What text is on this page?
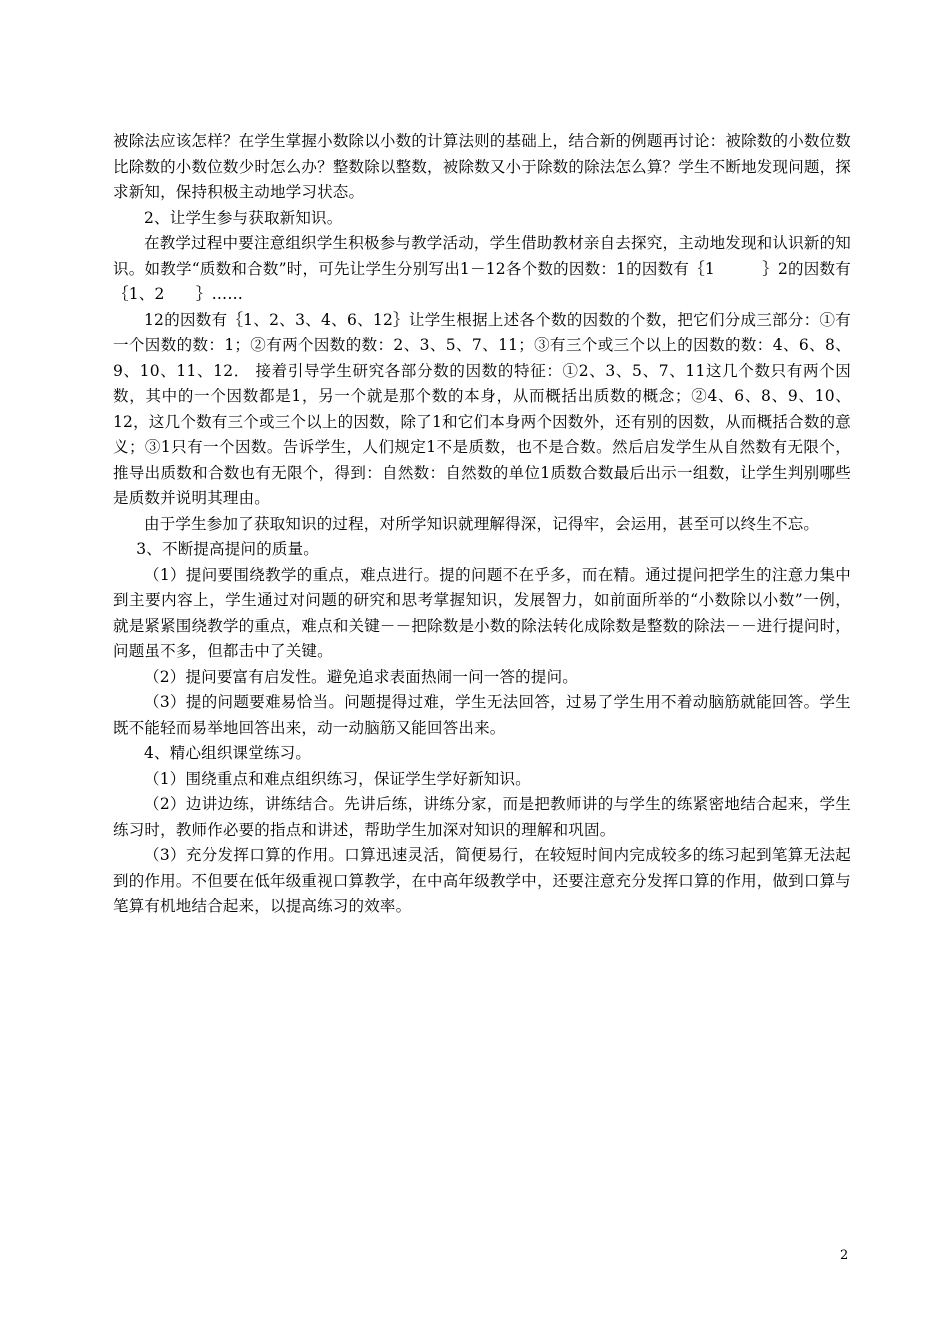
被除法应该怎样？在学生掌握小数除以小数的计算法则的基础上，结合新的例题再讨论：被除数的小数位数比除数的小数位数少时怎么办？整数除以整数，被除数又小于除数的除法怎么算？学生不断地发现问题，探求新知，保持积极主动地学习状态。

2、让学生参与获取新知识。

在教学过程中要注意组织学生积极参与教学活动，学生借助教材亲自去探究，主动地发现和认识新的知识。如教学“质数和合数”时，可先让学生分别写出1－12各个数的因数：1的因数有｛1　　　｝2的因数有｛1、2　　｝……

12的因数有｛1、2、3、4、6、12｝让学生根据上述各个数的因数的个数，把它们分成三部分：①有一个因数的数：1；②有两个因数的数：2、3、5、7、11；③有三个或三个以上的因数的数：4、6、8、9、10、11、12． 接着引导学生研究各部分数的因数的特征：①2、3、5、7、11这几个数只有两个因数，其中的一个因数都是1，另一个就是那个数的本身，从而概括出质数的概念；②4、6、8、9、10、12，这几个数有三个或三个以上的因数，除了1和它们本身两个因数外，还有别的因数，从而概括合数的意义；③1只有一个因数。告诉学生，人们规定1不是质数，也不是合数。然后启发学生从自然数有无限个，推导出质数和合数也有无限个，得到：自然数：自然数的单位1质数合数最后出示一组数，让学生判别哪些是质数并说明其理由。

由于学生参加了获取知识的过程，对所学知识就理解得深，记得牢，会运用，甚至可以终生不忘。

3、不断提高提问的质量。

（1）提问要围绕教学的重点，难点进行。提的问题不在乎多，而在精。通过提问把学生的注意力集中到主要内容上，学生通过对问题的研究和思考掌握知识，发展智力，如前面所举的“小数除以小数”一例，就是紧紧围绕教学的重点，难点和关键－－把除数是小数的除法转化成除数是整数的除法－－进行提问时，问题虽不多，但都击中了关键。

（2）提问要富有启发性。避免追求表面热闹一问一答的提问。

（3）提的问题要难易恰当。问题提得过难，学生无法回答，过易了学生用不着动脑筋就能回答。学生既不能轻而易举地回答出来，动一动脑筋又能回答出来。

4、精心组织课堂练习。

（1）围绕重点和难点组织练习，保证学生学好新知识。

（2）边讲边练，讲练结合。先讲后练，讲练分家，而是把教师讲的与学生的练紧密地结合起来，学生练习时，教师作必要的指点和讲述，帮助学生加深对知识的理解和巩固。

（3）充分发挥口算的作用。口算迅速灵活，简便易行，在较短时间内完成较多的练习起到笔算无法起到的作用。不但要在低年级重视口算教学，在中高年级教学中，还要注意充分发挥口算的作用，做到口算与笔算有机地结合起来，以提高练习的效率。

2
